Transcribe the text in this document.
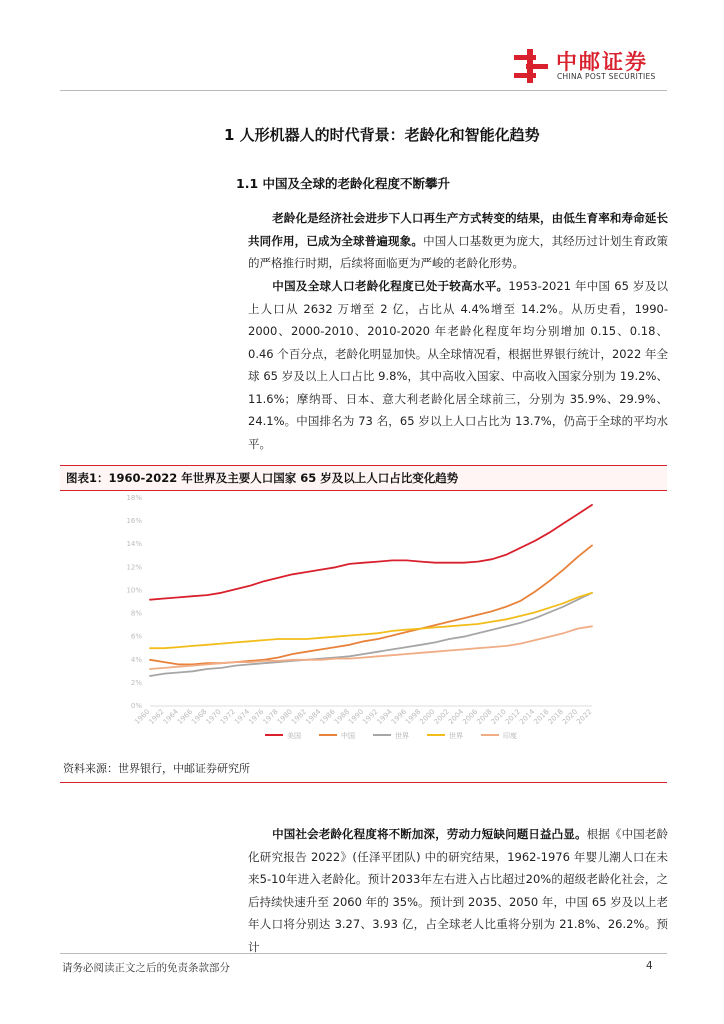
中邮证券
CHINA POST SECURITIES
1 人形机器人的时代背景：老龄化和智能化趋势
1.1 中国及全球的老龄化程度不断攀升
老龄化是经济社会进步下人口再生产方式转变的结果，由低生育率和寿命延长共同作用，已成为全球普遍现象。中国人口基数更为庞大，其经历过计划生育政策的严格推行时期，后续将面临更为严峻的老龄化形势。
中国及全球人口老龄化程度已处于较高水平。1953-2021 年中国 65 岁及以上人口从 2632 万增至 2 亿，占比从 4.4%增至 14.2%。从历史看，1990-2000、2000-2010、2010-2020 年老龄化程度年均分别增加 0.15、0.18、0.46 个百分点，老龄化明显加快。从全球情况看，根据世界银行统计，2022 年全球 65 岁及以上人口占比 9.8%，其中高收入国家、中高收入国家分别为 19.2%、11.6%；摩纳哥、日本、意大利老龄化居全球前三，分别为 35.9%、29.9%、24.1%。中国排名为 73 名，65 岁以上人口占比为 13.7%，仍高于全球的平均水平。
图表1：1960-2022 年世界及主要人口国家 65 岁及以上人口占比变化趋势
0%
2%
4%
6%
8%
10%
12%
14%
16%
18%
1960
1962
1964
1966
1968
1970
1972
1974
1976
1978
1980
1982
1984
1986
1988
1990
1992
1994
1996
1998
2000
2002
2004
2006
2008
2010
2012
2014
2016
2018
2020
2022
美国	中国	世界	世界	印度
资料来源：世界银行，中邮证券研究所
中国社会老龄化程度将不断加深，劳动力短缺问题日益凸显。根据《中国老龄化研究报告 2022》(任泽平团队) 中的研究结果，1962-1976 年婴儿潮人口在未来5-10年进入老龄化。预计2033年左右进入占比超过20%的超级老龄化社会，之后持续快速升至 2060 年的 35%。预计到 2035、2050 年，中国 65 岁及以上老年人口将分别达 3.27、3.93 亿，占全球老人比重将分别为 21.8%、26.2%。预计
请务必阅读正文之后的免责条款部分	4
